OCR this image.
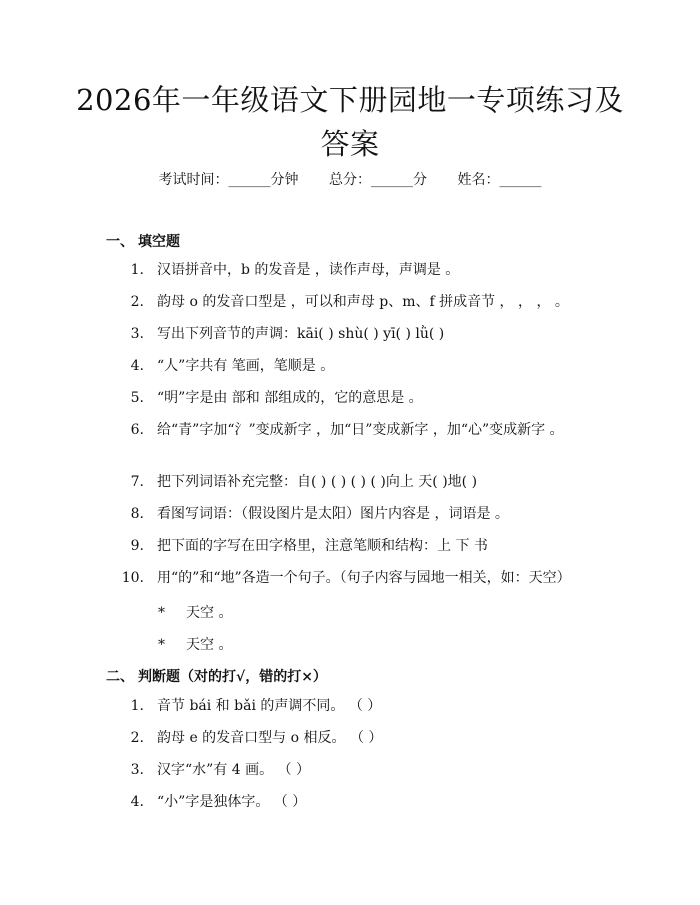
2026年一年级语文下册园地一专项练习及答案
考试时间：______分钟 总分：______分 姓名：______
一、 填空题
1. 汉语拼音中，b 的发音是 ，读作声母，声调是 。
2. 韵母 o 的发音口型是 ，可以和声母 p、m、f 拼成音节 ， ， ， 。
3. 写出下列音节的声调：kāi( ) shù( ) yī( ) lǜ( )
4. “人”字共有 笔画，笔顺是 。
5. “明”字是由 部和 部组成的，它的意思是 。
6. 给“青”字加“氵”变成新字 ，加“日”变成新字 ，加“心”变成新字 。
7. 把下列词语补充完整：自( ) ( ) ( ) ( )向上 天( )地( )
8. 看图写词语：（假设图片是太阳）图片内容是 ，词语是 。
9. 把下面的字写在田字格里，注意笔顺和结构：上 下 书
10. 用“的”和“地”各造一个句子。（句子内容与园地一相关，如：天空）
* 天空 。
* 天空 。
二、 判断题（对的打√，错的打×）
1. 音节 bái 和 bǎi 的声调不同。 （ ）
2. 韵母 e 的发音口型与 o 相反。 （ ）
3. 汉字“水”有 4 画。 （ ）
4. “小”字是独体字。 （ ）
